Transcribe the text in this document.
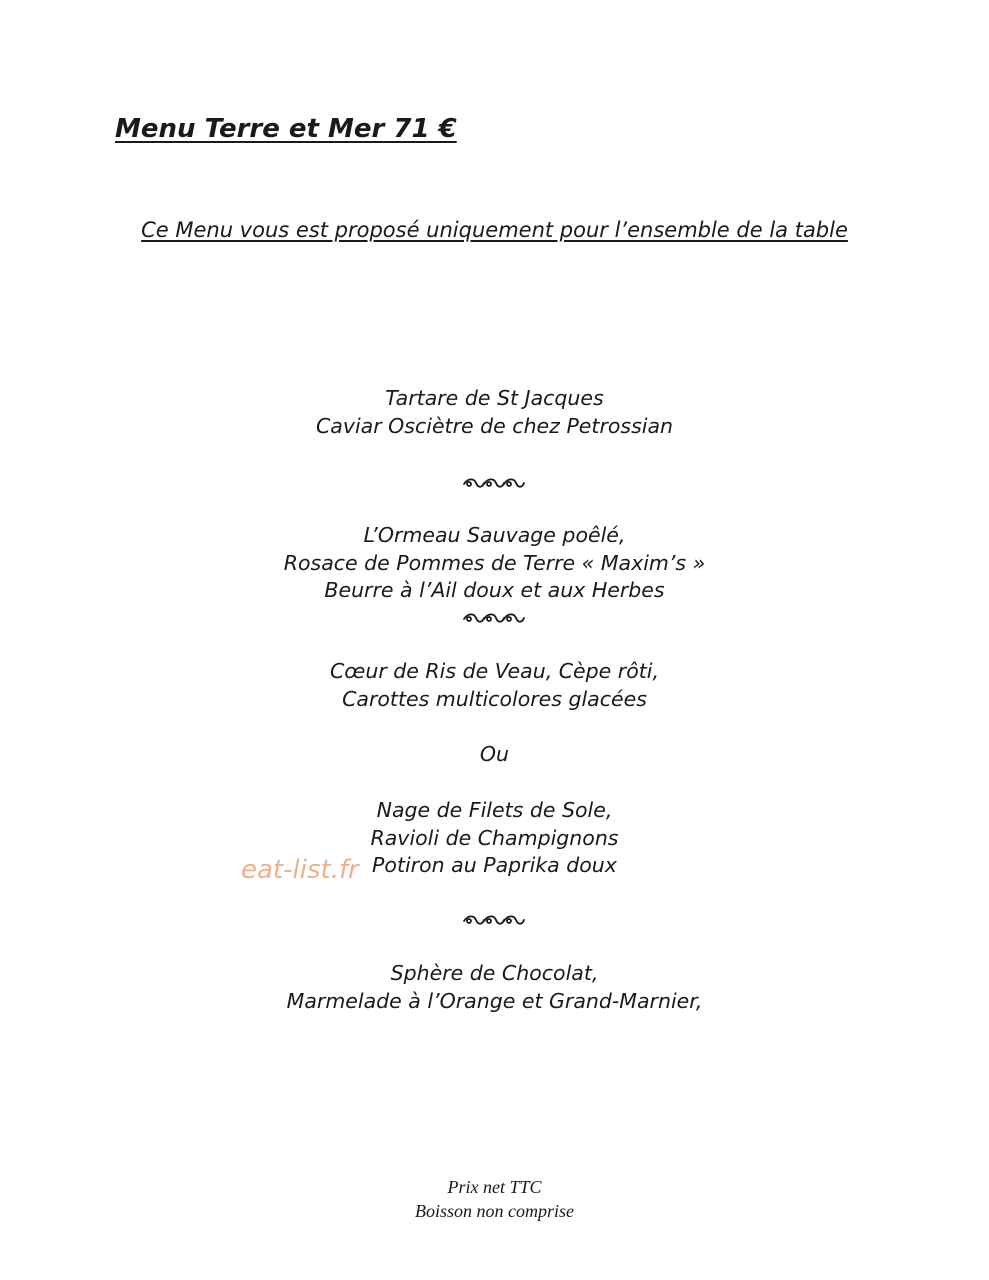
Menu Terre et Mer 71 €
Ce Menu vous est proposé uniquement pour l’ensemble de la table
Tartare de St Jacques
Caviar Osciètre de chez Petrossian
L’Ormeau Sauvage poêlé,
Rosace de Pommes de Terre « Maxim’s »
Beurre à l’Ail doux et aux Herbes
Cœur de Ris de Veau, Cèpe rôti,
Carottes multicolores glacées
Ou
Nage de Filets de Sole,
Ravioli de Champignons
Potiron au Paprika doux
eat-list.fr
Sphère de Chocolat,
Marmelade à l’Orange et Grand-Marnier,
Prix net TTC
Boisson non comprise
